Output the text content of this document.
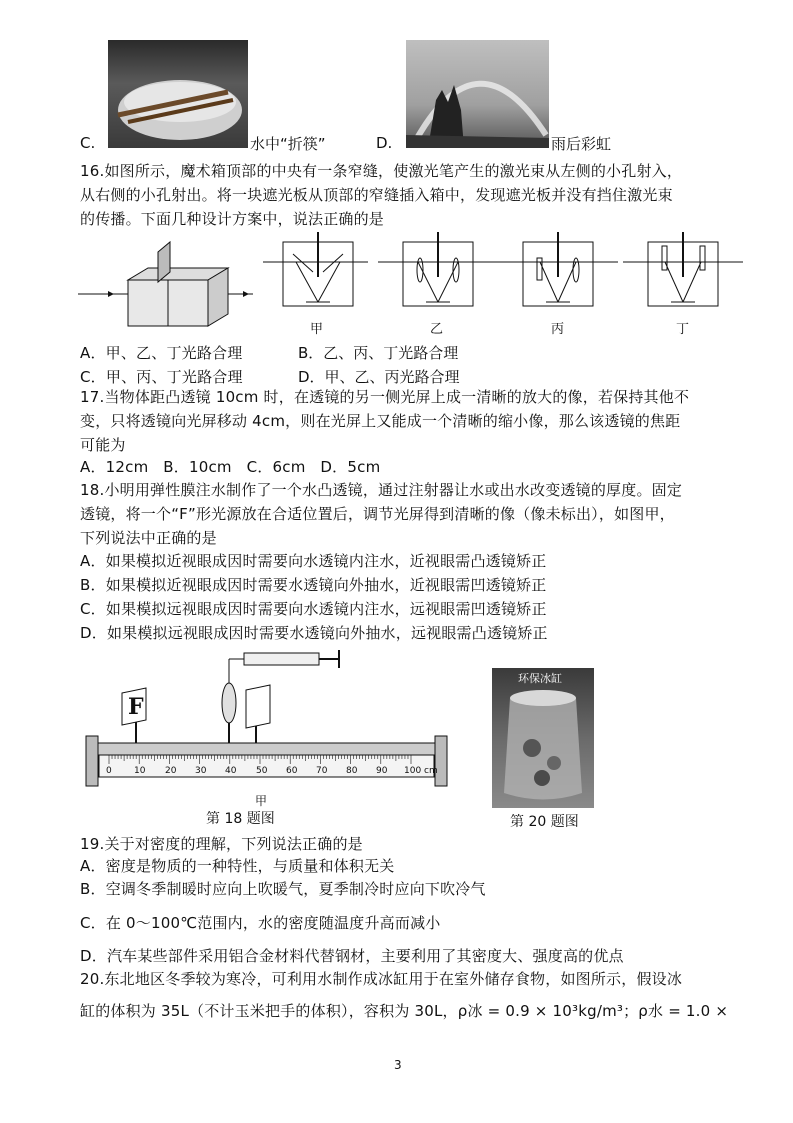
C.	水中“折筷”	D.	雨后彩虹
16.如图所示，魔术箱顶部的中央有一条窄缝，使激光笔产生的激光束从左侧的小孔射入，
从右侧的小孔射出。将一块遮光板从顶部的窄缝插入箱中，发现遮光板并没有挡住激光束
的传播。下面几种设计方案中，说法正确的是
甲	乙	丙	丁
A．甲、乙、丁光路合理	B．乙、丙、丁光路合理
C．甲、丙、丁光路合理	D．甲、乙、丙光路合理
17.当物体距凸透镜 10cm 时，在透镜的另一侧光屏上成一清晰的放大的像，若保持其他不
变，只将透镜向光屏移动 4cm，则在光屏上又能成一个清晰的缩小像，那么该透镜的焦距
可能为
A．12cm   B．10cm   C．6cm   D．5cm
18.小明用弹性膜注水制作了一个水凸透镜，通过注射器让水或出水改变透镜的厚度。固定
透镜，将一个“F”形光源放在合适位置后，调节光屏得到清晰的像（像未标出），如图甲，
下列说法中正确的是
A．如果模拟近视眼成因时需要向水透镜内注水，近视眼需凸透镜矫正
B．如果模拟近视眼成因时需要水透镜向外抽水，近视眼需凹透镜矫正
C．如果模拟远视眼成因时需要向水透镜内注水，远视眼需凹透镜矫正
D．如果模拟远视眼成因时需要水透镜向外抽水，远视眼需凸透镜矫正
F
0 10 20 30 40 50 60 70 80 90 100 cm
甲
第 18 题图
环保冰缸
第 20 题图
19.关于对密度的理解，下列说法正确的是
A．密度是物质的一种特性，与质量和体积无关
B．空调冬季制暖时应向上吹暖气，夏季制冷时应向下吹冷气
C．在 0～100℃范围内，水的密度随温度升高而减小
D．汽车某些部件采用铝合金材料代替钢材，主要利用了其密度大、强度高的优点
20.东北地区冬季较为寒冷，可利用水制作成冰缸用于在室外储存食物，如图所示，假设冰
缸的体积为 35L（不计玉米把手的体积），容积为 30L，ρ冰 = 0.9 × 10³kg/m³；ρ水 = 1.0 ×
3
